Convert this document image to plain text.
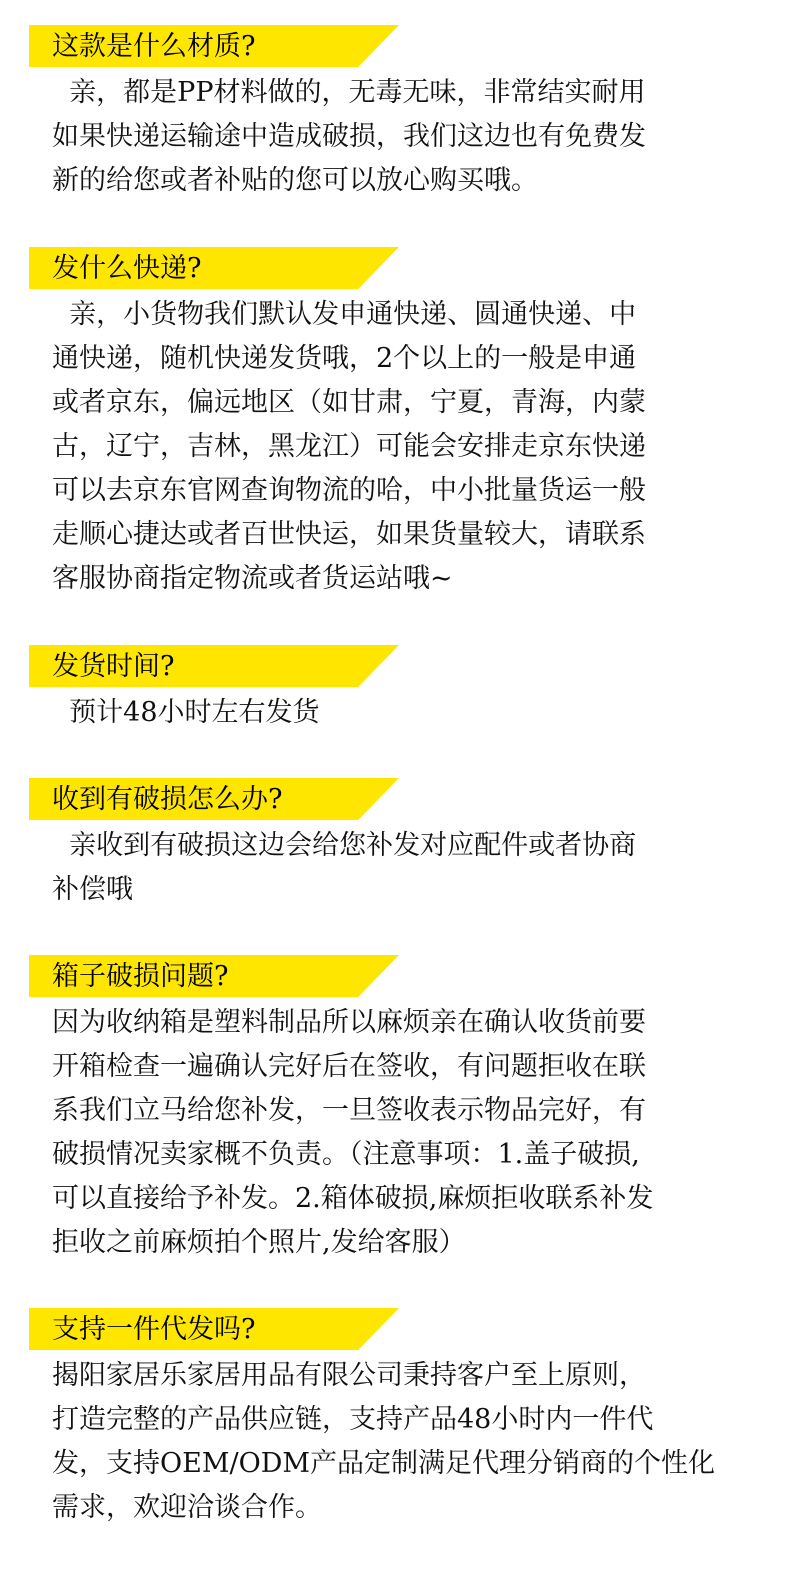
这款是什么材质?

亲，都是PP材料做的，无毒无味，非常结实耐用
如果快递运输途中造成破损，我们这边也有免费发
新的给您或者补贴的您可以放心购买哦。

发什么快递?

亲，小货物我们默认发申通快递、圆通快递、中
通快递，随机快递发货哦，2个以上的一般是申通
或者京东，偏远地区（如甘肃，宁夏，青海，内蒙
古，辽宁，吉林，黑龙江）可能会安排走京东快递
可以去京东官网查询物流的哈，中小批量货运一般
走顺心捷达或者百世快运，如果货量较大，请联系
客服协商指定物流或者货运站哦~

发货时间?

预计48小时左右发货

收到有破损怎么办?

亲收到有破损这边会给您补发对应配件或者协商
补偿哦

箱子破损问题?

因为收纳箱是塑料制品所以麻烦亲在确认收货前要
开箱检查一遍确认完好后在签收，有问题拒收在联
系我们立马给您补发，一旦签收表示物品完好，有
破损情况卖家概不负责。（注意事项：1.盖子破损,
可以直接给予补发。2.箱体破损,麻烦拒收联系补发
拒收之前麻烦拍个照片,发给客服）

支持一件代发吗?

揭阳家居乐家居用品有限公司秉持客户至上原则，
打造完整的产品供应链，支持产品48小时内一件代
发，支持OEM/ODM产品定制满足代理分销商的个性化
需求，欢迎洽谈合作。
